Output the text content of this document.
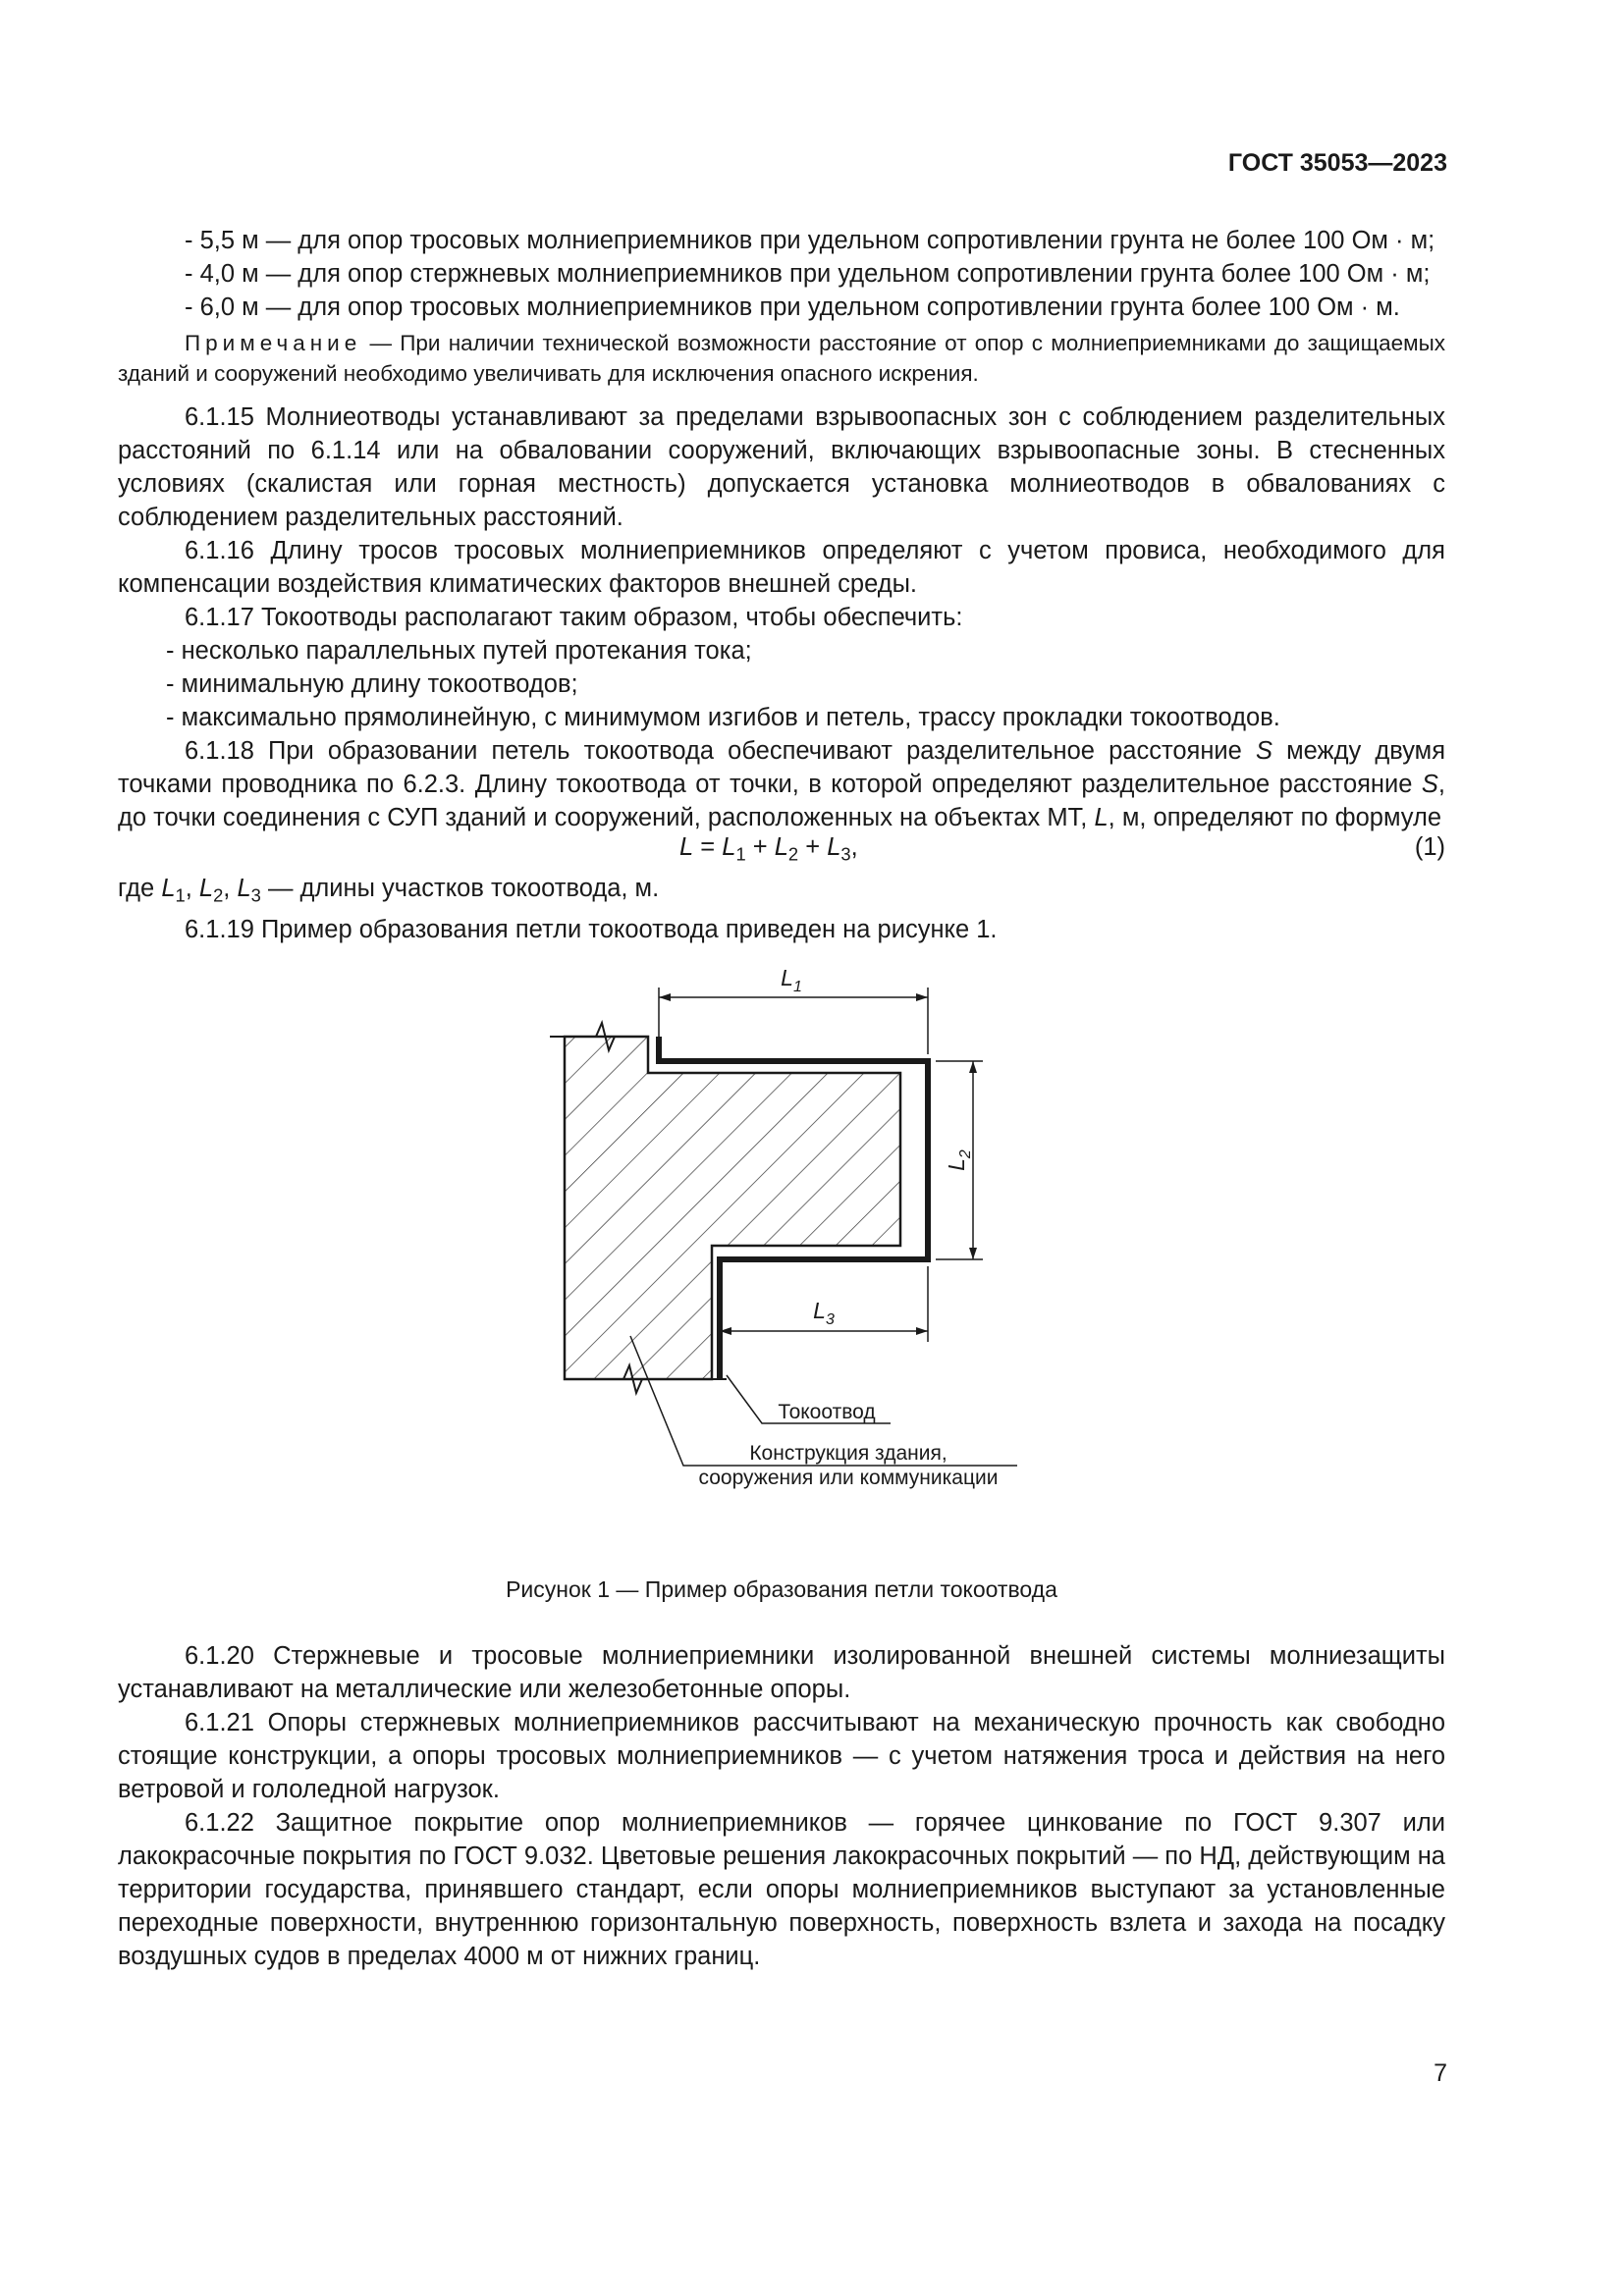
ГОСТ 35053—2023

- 5,5 м — для опор тросовых молниеприемников при удельном сопротивлении грунта не более 100 Ом · м;

- 4,0 м — для опор стержневых молниеприемников при удельном сопротивлении грунта более 100 Ом · м;

- 6,0 м — для опор тросовых молниеприемников при удельном сопротивлении грунта более 100 Ом · м.

Примечание — При наличии технической возможности расстояние от опор с молниеприемниками до защищаемых зданий и сооружений необходимо увеличивать для исключения опасного искрения.

6.1.15 Молниеотводы устанавливают за пределами взрывоопасных зон с соблюдением разделительных расстояний по 6.1.14 или на обваловании сооружений, включающих взрывоопасные зоны. В стесненных условиях (скалистая или горная местность) допускается установка молниеотводов в обвалованиях с соблюдением разделительных расстояний.

6.1.16 Длину тросов тросовых молниеприемников определяют с учетом провиса, необходимого для компенсации воздействия климатических факторов внешней среды.

6.1.17 Токоотводы располагают таким образом, чтобы обеспечить:

- несколько параллельных путей протекания тока;

- минимальную длину токоотводов;

- максимально прямолинейную, с минимумом изгибов и петель, трассу прокладки токоотводов.

6.1.18 При образовании петель токоотвода обеспечивают разделительное расстояние S между двумя точками проводника по 6.2.3. Длину токоотвода от точки, в которой определяют разделительное расстояние S, до точки соединения с СУП зданий и сооружений, расположенных на объектах МТ, L, м, определяют по формуле

$L = L_1 + L_2 + L_3$,	(1)

где $L_1$, $L_2$, $L_3$ — длины участков токоотвода, м.

6.1.19 Пример образования петли токоотвода приведен на рисунке 1.

$L_1$
$L_2$
$L_3$
Токоотвод
Конструкция здания,
сооружения или коммуникации

Рисунок 1 — Пример образования петли токоотвода

6.1.20 Стержневые и тросовые молниеприемники изолированной внешней системы молниезащиты устанавливают на металлические или железобетонные опоры.

6.1.21 Опоры стержневых молниеприемников рассчитывают на механическую прочность как свободно стоящие конструкции, а опоры тросовых молниеприемников — с учетом натяжения троса и действия на него ветровой и гололедной нагрузок.

6.1.22 Защитное покрытие опор молниеприемников — горячее цинкование по ГОСТ 9.307 или лакокрасочные покрытия по ГОСТ 9.032. Цветовые решения лакокрасочных покрытий — по НД, действующим на территории государства, принявшего стандарт, если опоры молниеприемников выступают за установленные переходные поверхности, внутреннюю горизонтальную поверхность, поверхность взлета и захода на посадку воздушных судов в пределах 4000 м от нижних границ.

7
